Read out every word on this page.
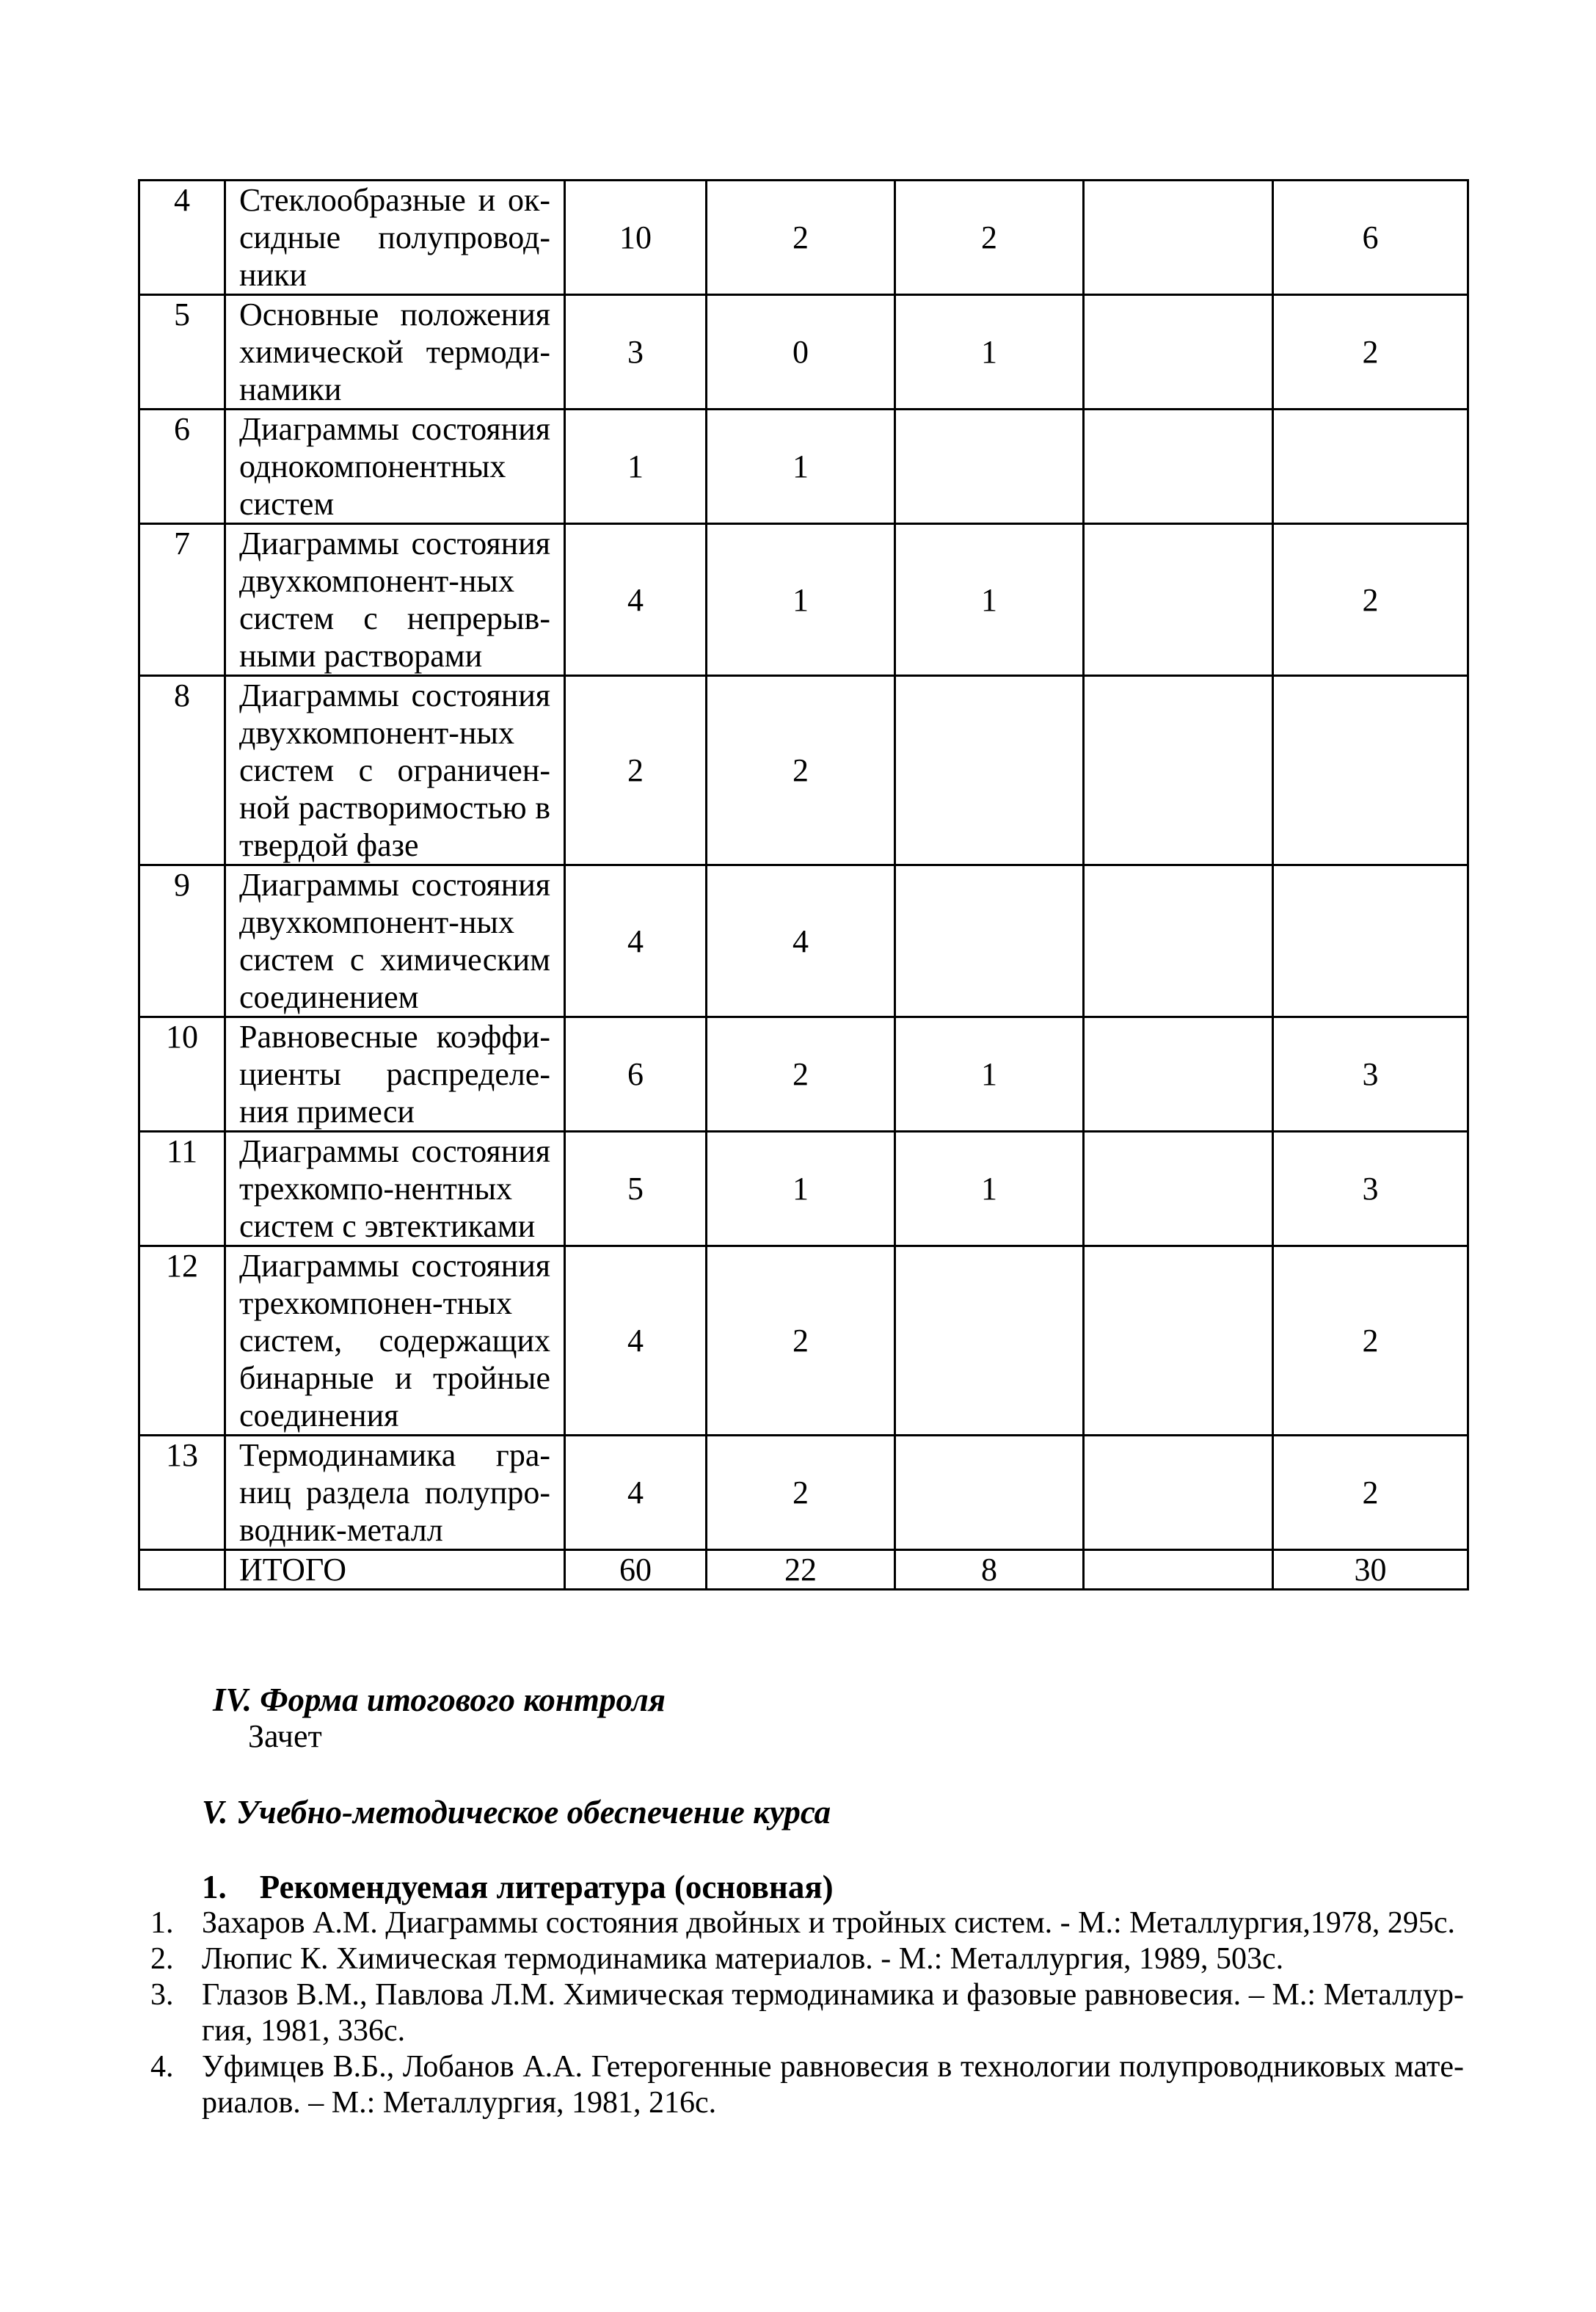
4	Стеклообразные и ок-
сидные полупровод-
ники	10	2	2		6
5	Основные положения
химической термоди-
намики	3	0	1		2
6	Диаграммы состояния
однокомпонентных
систем	1	1			
7	Диаграммы состояния
двухкомпонент-ных
систем с непрерыв-
ными растворами	4	1	1		2
8	Диаграммы состояния
двухкомпонент-ных
систем с ограничен-
ной растворимостью в
твердой фазе	2	2			
9	Диаграммы состояния
двухкомпонент-ных
систем с химическим
соединением	4	4			
10	Равновесные коэффи-
циенты распределе-
ния примеси	6	2	1		3
11	Диаграммы состояния
трехкомпо-нентных
систем с эвтектиками	5	1	1		3
12	Диаграммы состояния
трехкомпонен-тных
систем, содержащих
бинарные и тройные
соединения	4	2			2
13	Термодинамика гра-
ниц раздела полупро-
водник-металл	4	2			2
	ИТОГО	60	22	8		30
IV. Форма итогового контроля
Зачет
V. Учебно-методическое обеспечение курса
1. Рекомендуемая литература (основная)
1. Захаров А.М. Диаграммы состояния двойных и тройных систем. - М.: Металлургия,1978, 295с.
2. Люпис К. Химическая термодинамика материалов. - М.: Металлургия, 1989, 503с.
3. Глазов В.М., Павлова Л.М. Химическая термодинамика и фазовые равновесия. – М.: Металлур-
гия, 1981, 336с.
4. Уфимцев В.Б., Лобанов А.А. Гетерогенные равновесия в технологии полупроводниковых мате-
риалов. – М.: Металлургия, 1981, 216с.
